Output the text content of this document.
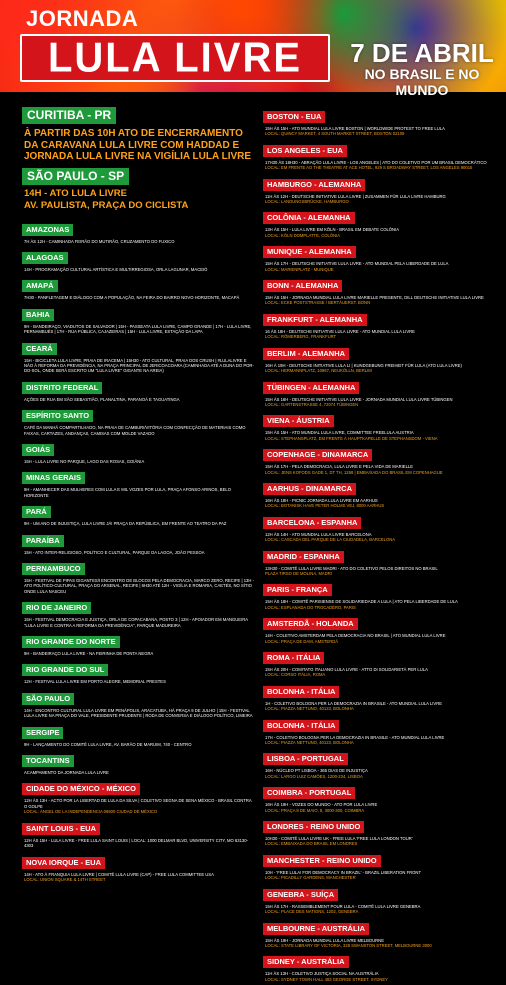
JORNADA
LULA LIVRE	7 DE ABRIL
NO BRASIL E NO MUNDO
CURITIBA - PR
À PARTIR DAS 10H ATO DE ENCERRAMENTO DA CARAVANA LULA LIVRE COM HADDAD E JORNADA LULA LIVRE NA VIGÍLIA LULA LIVRE
SÃO PAULO - SP
14H - ATO LULA LIVRE
AV. PAULISTA, PRAÇA DO CICLISTA
AMAZONAS
7H ÀS 12H - CAMINHADA FEIRÃO DO MUTIRÃO, CRUZAMENTO DO FUXICO
ALAGOAS
14H - PROGRAMAÇÃO CULTURAL ARTÍSTICA E MULTIRREGIOSA, ORLA LAGUNAR, MACEIÓ
AMAPÁ
7H30 - PANFLETAGEM E DIÁLOGO COM A POPULAÇÃO, NA FEIRA DO BAIRRO NOVO HORIZONTE, MACAPÁ
BAHIA
9H - BANDEIRAÇO, VIADUTOS DE SALVADOR | 15H - PASSEATA LULA LIVRE, CAMPO GRANDE | 17H - LULA LIVRE, PERNAMBUÉS | 17H - RUA PÚBLICA, CAJAZEIRAS | 15H - LULA LIVRE, ESTAÇÃO DA LAPA
CEARÁ
15H - BICICLETA LULA LIVRE, PRAIA DE IRACEMA | 15H30 - ATO CULTURAL, PRAIA DOS CRUSH | #LULALIVRE E NÃO À REFORMA DA PREVIDÊNCIA, NA PRAÇA PRINCIPAL DE JERICOACOARA (CAMINHADA ATÉ A DUNA DO POR-DO-SOL, ONDE SERÁ ESCRITO UM "LULA LIVRE" GIGANTE NA AREIA)
DISTRITO FEDERAL
AÇÕES DE RUA EM SÃO SEBASTIÃO, PLANALTINA, PARANOÁ E TAGUATINGA
ESPÍRITO SANTO
CAFÉ DA MANHÃ COMPARTILHADO, NA PRAIA DE CAMBURI/VITÓRIA COM CONFECÇÃO DE MATERIAIS COMO FAIXAS, CARTAZES, ANDANÇAS, CAMISAS COM MOLDE VAZADO
GOIÁS
15H - LULA LIVRE NO PARQUE, LAGO DAS ROSAS, GOIÂNIA
MINAS GERAIS
9H - AMANHECER DAS MULHERES COM LULA E MIL VOZES POR LULA, PRAÇA AFONSO ARINOS, BELO HORIZONTE
PARÁ
9H - UM ANO DE INJUSTIÇA, LULA LIVRE JÁ! PRAÇA DA REPÚBLICA, EM FRENTE AO TEATRO DA PAZ
PARAÍBA
15H - ATO INTER-RELIGIOSO, POLÍTICO E CULTURAL, PARQUE DA LAGOA, JOÃO PESSOA
PERNAMBUCO
15H - FESTIVAL DE PIPAS GIGANTES/I ENCONTRO DE BLOCOS PELA DEMOCRACIA, MARCO ZERO, RECIFE | 13H - ATO POLÍTICO-CULTURAL, PRAÇA DO ARSENAL, RECIFE | 6H30 ATÉ 12H - VIGÍLIA E ROMARIA, CAETÉS, NO SÍTIO ONDE LULA NASCEU
RIO DE JANEIRO
15H - FESTIVAL DEMOCRACIA E JUSTIÇA, ORLA DE COPACABANA, POSTO 3 | 12H - APOIADOR EM MANGUEIRA "LULA LIVRE E CONTRA A REFORMA DA PREVIDÊNCIA", PARQUE MADUREIRA
RIO GRANDE DO NORTE
9H - BANDEIRAÇO LULA LIVRE - NA FEIRINHA DE PONTA NEGRA
RIO GRANDE DO SUL
12H - FESTIVAL LULA LIVRE EM PORTO ALEGRE, MEMORIAL PRESTES
SÃO PAULO
14H - ENCONTRO CULTURAL LULA LIVRE EM PENÁPOLIS, ARACATUBA, HÁ PRAÇA 9 DE JULHO | 15H - FESTIVAL LULA LIVRE NA PRAÇA DO VALE, PRESIDENTE PRUDENTE | RODA DE CONVERSA E DIÁLOGO POLÍTICO, LIMEIRA
SERGIPE
9H - LANÇAMENTO DO COMITÊ LULA LIVRE, AV. BARÃO DE MARUIM, 740 - CENTRO
TOCANTINS
ACAMPAMENTO DA JORNADA LULA LIVRE
CIDADE DO MÉXICO - MÉXICO
12H ÀS 13H - ACTO POR LA LIBERTAD DE LULA DA SILVA | COLETIVO SEGNA DE SENA MÉXICO - BRASIL CONTRA O GOLPE
LOCAL: ÁNGEL DE LA INDEPENDENCIA 06500 CIUDAD DE MÉXICO
SAINT LOUIS - EUA
12H ÀS 15H - LULA LIVRE - FREE LULA SAINT LOUIS | LOCAL: 1000 DELMAR BLVD, UNIVERSITY CITY, MO 63130-4303
NOVA IORQUE - EUA
14H - ATO À FRANQUIA LULA LIVRE | COMITÊ LULA LIVRE (CAP) - FREE LULA COMMITTEE USA
LOCAL: UNION SQUARE & 14TH STREET
BOSTON - EUA
15H ÀS 15H - ATO MUNDIAL LULA LIVRE BOSTON | WORLDWIDE PROTEST TO FREE LULA
LOCAL: QUINCY MARKET, 4 SOUTH MARKET STREET, BOSTON 02109
LOS ANGELES - EUA
17H30 ÀS 18H30 - ABRAÇÃO LULA LIVRE - LOS ANGELES | ATO DO COLETIVO POR UM BRASIL DEMOCRÁTICO
LOCAL: EM FRENTE AO THE THEATRE AT ACE HOTEL, 929 S BROADWAY STREET, LOS ANGELES 90015
HAMBURGO - ALEMANHA
11H ÀS 12H - DEUTSCHE INITIATIVE LULA LIVRE | ZUSAMMEN FÜR LULA LIVRE HAMBURG
LOCAL: LANDUNGSBRÜCKE, HAMBURGO
COLÔNIA - ALEMANHA
13H ÀS 15H - LULA LIVRE EM KÖLN - BRASIL EM DEBATE COLÔNIA
LOCAL: KÖLN DOMPLATTE, COLÔNIA
MUNIQUE - ALEMANHA
15H ÀS 17H - DEUTSCHE INITIATIVE LULA LIVRE - ATO MUNDIAL PELA LIBERDADE DE LULA
LOCAL: MARIENPLATZ - MUNIQUE
BONN - ALEMANHA
15H ÀS 15H - JORNADA MUNDIAL LULA LIVRE MARIELLE PRESENTE, DILL DEUTSCHE INITIATIVE LULA LIVRE
LOCAL: ECKE POSTSTRASSE / BERTÄUERST. BONN
FRANKFURT - ALEMANHA
16 ÀS 18H - DEUTSCHE INITIATIVE LULA LIVRE - ATO MUNDIAL LULA LIVRE
LOCAL: RÖMERBERG, FRANKFURT
BERLIM - ALEMANHA
16H À 19H - DEUTSCHE INITIATIVE LULA LI | KUNDGEBUNG FREIHEIT FÜR LULA (ATO LULA LIVRE)
LOCAL: HERMANNPLATZ, 10967, NEUKÖLLN, BERLIM
TÜBINGEN - ALEMANHA
15H ÀS 16H - DEUTSCHE INITIATIVE LULA LIVRE - JORNADA MUNDIAL LULA LIVRE TÜBINGEN
LOCAL: GARTENSTRASSE 4, 72074 TÜBINGEN
VIENA - ÁUSTRIA
15H ÀS 15H - ATO MUNDIAL LULA LIVRE, COMMITTEE FREELULA AUSTRIA
LOCAL: STEPHANSPLATZ, EM FRENTE À HAUPTKAPELLE DE STEPHANSDOM - VIENA
COPENHAGE - DINAMARCA
15H ÀS 17H - PELA DEMOCRACIA, LULA LIVRE E PELA VIDA DE MARIELLE
LOCAL: JENS KOFODS GADE 1, DT TH, 1268 | EMBAIXADA DO BRASIL EM COPENHAGUE
AARHUS - DINAMARCA
16H ÀS 18H - PICNIC JORNADA LULA LIVRE EM AARHUS
LOCAL: BOTANISK HAVE PETER HOLMS VEJ, 8000 AARHUS
BARCELONA - ESPANHA
12H ÀS 14H - ATO MUNDIAL LULA LIVRE BARCELONA
LOCAL: CASCADA DEL PARQUE DE LA CIUDADELA, BARCELONA
MADRID - ESPANHA
13H30 - COMITÊ LULA LIVRE MADRI - ATO DO COLETIVO PELOS DIREITOS NO BRASIL
PLAZA TIRSO DE MOLINA, MADRI
PARIS - FRANÇA
15H ÀS 18H - COMITÊ PARISIENSE DE SOLIDARIEDADE A LULA | ATO PELA LIBERDADE DE LULA
LOCAL: ESPLANADA DO TROCADÉRO, PARIS
AMSTERDÃ - HOLANDA
14H - COLETIVO AMSTERDAM PELA DEMOCRACIA NO BRASIL | ATO MUNDIAL LULA LIVRE
LOCAL: PRAÇA DE DAM, AMSTERDÃ
ROMA - ITÁLIA
15H ÀS 20H - COMITATO ITALIANO LULA LIVRE - ATTO DI SOLIDARIETÀ PER LULA
LOCAL: CORSO ITÁLIA, ROMA
BOLONHA - ITÁLIA
1H - COLETIVO BOLOGNA PER LA DEMOCRAZIA IN BRASILE - ATO MUNDIAL LULA LIVRE
LOCAL: PIAZZA NETTUNO, 40123, BOLONHA
BOLONHA - ITÁLIA
17H - COLETIVO BOLOGNA PER LA DEMOCRAZIA IN BRASILE - ATO MUNDIAL LULA LIVRE
LOCAL: PIAZZA NETTUNO, 40123, BOLONHA
LISBOA - PORTUGAL
16H - NÚCLEO PT LISBOA - 365 DIAS DE INJUSTIÇA
LOCAL: LARGO LUIZ CAMÕES, 1200-234, LISBOA
COIMBRA - PORTUGAL
16H ÀS 19H - VOZES DO MUNDO - ATO POR LULA LIVRE
LOCAL: PRAÇA 8 DE MAIO, 8, 3000-300, COIMBRA
LONDRES - REINO UNIDO
10H30 - COMITÊ LULA LIVRE UK - FREE LULA 'FREE LULA LONDON TOUR'
LOCAL: EMBAIXADA DO BRASIL EM LONDRES
MANCHESTER - REINO UNIDO
10H - 'FREE LULA! FOR DEMOCRACY IN BRAZIL' - BRAZIL LIBERATION FRONT
LOCAL: PICADILLY GARDENS, MANCHESTER
GENEBRA - SUÍÇA
15H ÀS 17H - RASSEMBLEMENT POUR LULA - COMITÊ LULA LIVRE GENEBRA
LOCAL: PLACE DES NATIONS, 1202, GENEBRA
MELBOURNE - AUSTRÁLIA
15H ÀS 19H - JORNADA MUNDIAL LULA LIVRE MELBOURNE
LOCAL: STATE LIBRARY OF VICTORIA, 328 SWANSTON STREET, MELBOURNE 3000
SIDNEY - AUSTRÁLIA
11H ÀS 13H - COLETIVO JUSTIÇA SOCIAL NA AUSTRÁLIA
LOCAL: SYDNEY TOWN HALL 483 GEORGE STREET, SYDNEY
